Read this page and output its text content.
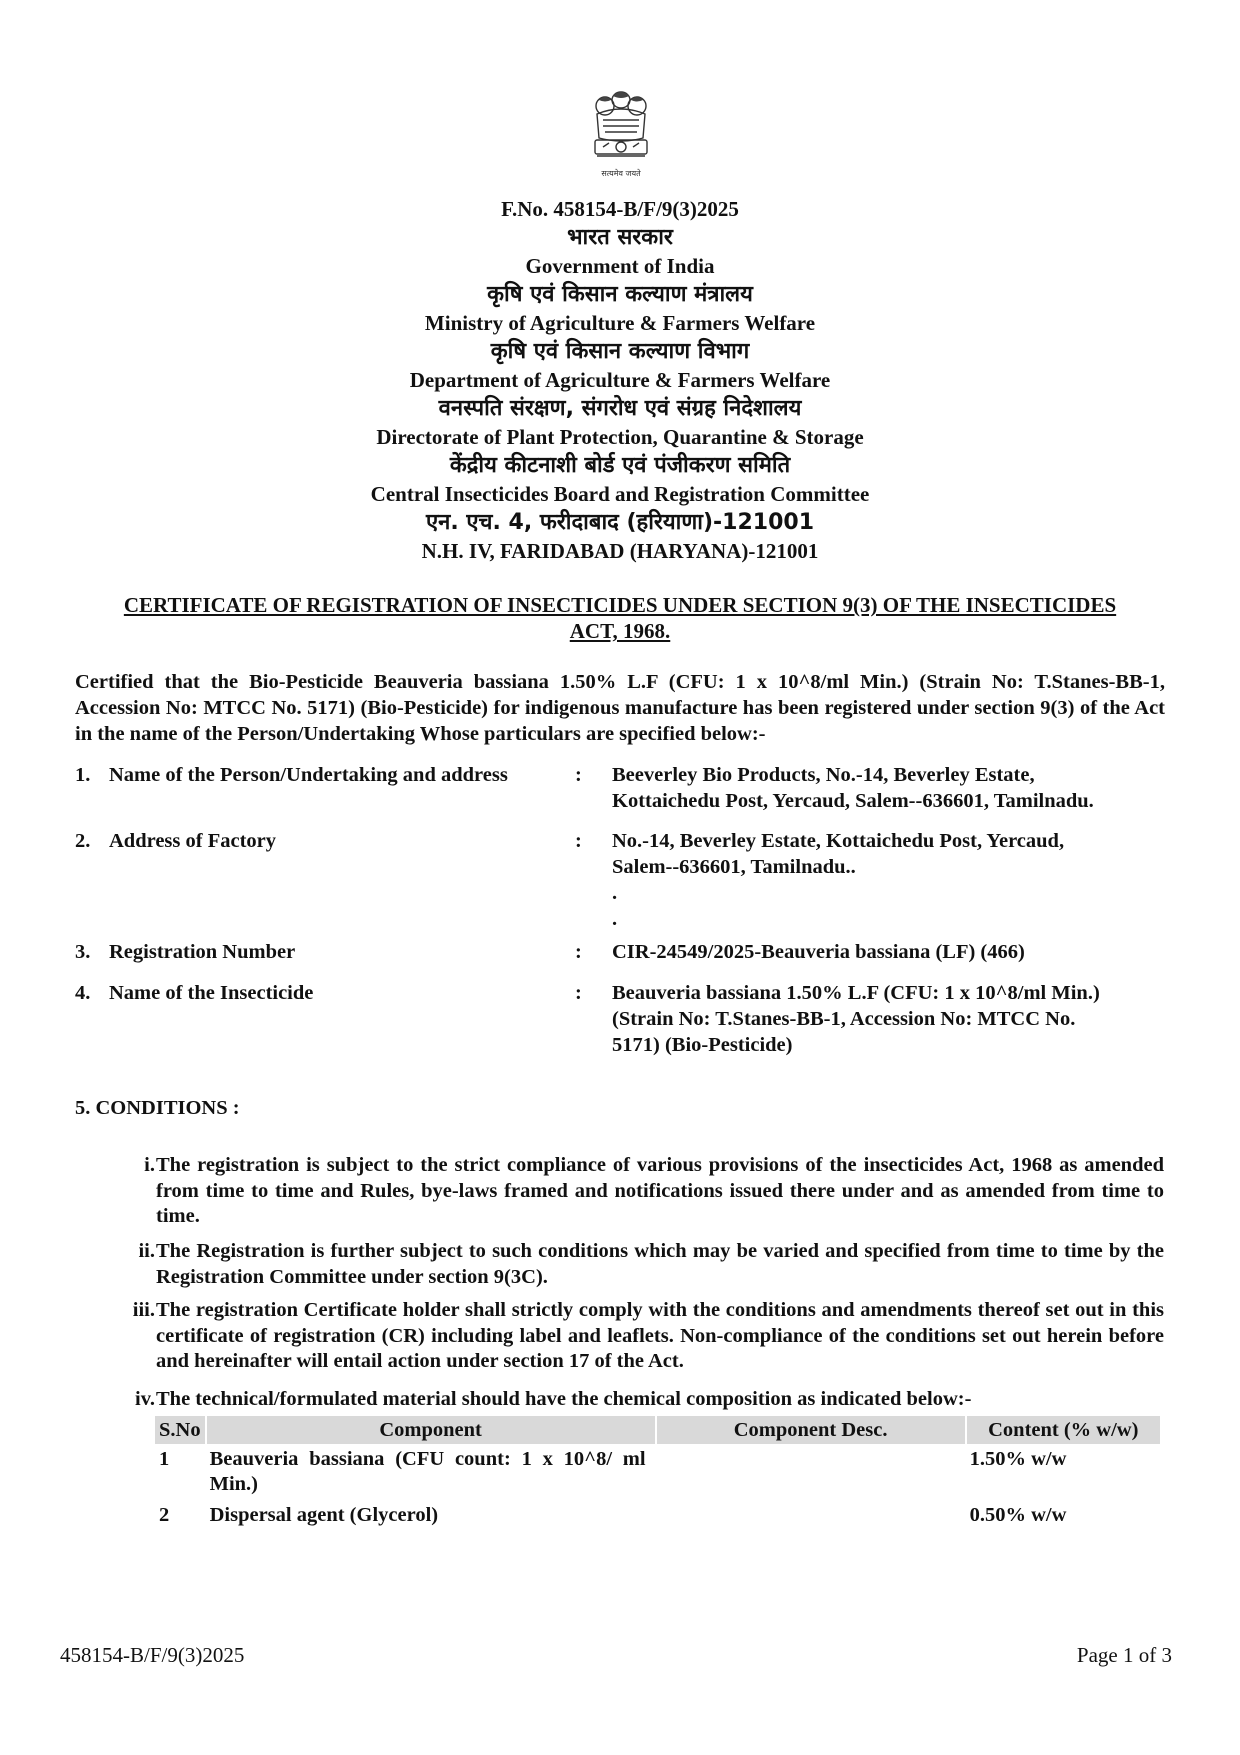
सत्यमेव जयते
F.No. 458154-B/F/9(3)2025
भारत सरकार
Government of India
कृषि एवं किसान कल्याण मंत्रालय
Ministry of Agriculture & Farmers Welfare
कृषि एवं किसान कल्याण विभाग
Department of Agriculture & Farmers Welfare
वनस्पति संरक्षण, संगरोध एवं संग्रह निदेशालय
Directorate of Plant Protection, Quarantine & Storage
केंद्रीय कीटनाशी बोर्ड एवं पंजीकरण समिति
Central Insecticides Board and Registration Committee
एन. एच. 4, फरीदाबाद (हरियाणा)-121001
N.H. IV, FARIDABAD (HARYANA)-121001
CERTIFICATE OF REGISTRATION OF INSECTICIDES UNDER SECTION 9(3) OF THE INSECTICIDES
ACT, 1968.
Certified that the Bio-Pesticide Beauveria bassiana 1.50% L.F (CFU: 1 x 10^8/ml Min.) (Strain No: T.Stanes-BB-1, Accession No: MTCC No. 5171) (Bio-Pesticide) for indigenous manufacture has been registered under section 9(3) of the Act in the name of the Person/Undertaking Whose particulars are specified below:-
1. Name of the Person/Undertaking and address	: Beeverley Bio Products, No.-14, Beverley Estate,
Kottaichedu Post, Yercaud, Salem--636601, Tamilnadu.
2. Address of Factory	: No.-14, Beverley Estate, Kottaichedu Post, Yercaud,
Salem--636601, Tamilnadu..
.
.
3. Registration Number	: CIR-24549/2025-Beauveria bassiana (LF) (466)
4. Name of the Insecticide	: Beauveria bassiana 1.50% L.F (CFU: 1 x 10^8/ml Min.)
(Strain No: T.Stanes-BB-1, Accession No: MTCC No.
5171) (Bio-Pesticide)
5. CONDITIONS :
i. The registration is subject to the strict compliance of various provisions of the insecticides Act, 1968 as amended from time to time and Rules, bye-laws framed and notifications issued there under and as amended from time to time.
ii. The Registration is further subject to such conditions which may be varied and specified from time to time by the Registration Committee under section 9(3C).
iii. The registration Certificate holder shall strictly comply with the conditions and amendments thereof set out in this certificate of registration (CR) including label and leaflets. Non-compliance of the conditions set out herein before and hereinafter will entail action under section 17 of the Act.
iv. The technical/formulated material should have the chemical composition as indicated below:-
S.No	Component	Component Desc.	Content (% w/w)
1	Beauveria bassiana (CFU count: 1 x 10^8/ ml Min.)		1.50% w/w
2	Dispersal agent (Glycerol)		0.50% w/w
458154-B/F/9(3)2025	Page 1 of 3
